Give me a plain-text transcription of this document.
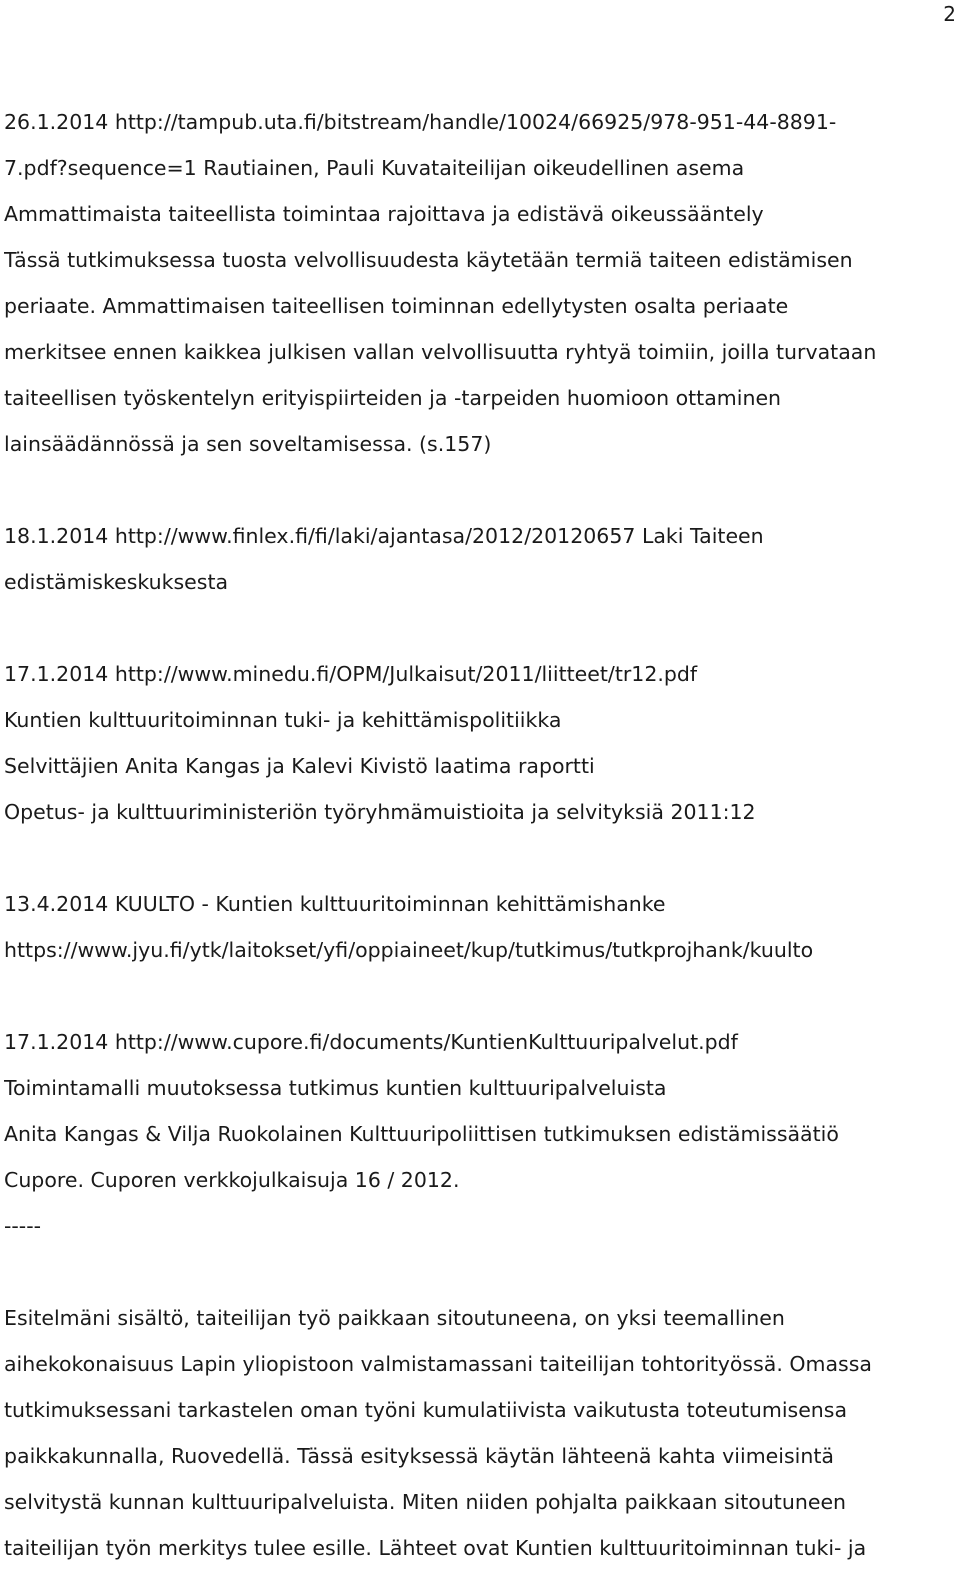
2
26.1.2014 http://tampub.uta.fi/bitstream/handle/10024/66925/978-951-44-8891-
7.pdf?sequence=1 Rautiainen, Pauli Kuvataiteilijan oikeudellinen asema
Ammattimaista taiteellista toimintaa rajoittava ja edistävä oikeussääntely
Tässä tutkimuksessa tuosta velvollisuudesta käytetään termiä taiteen edistämisen
periaate. Ammattimaisen taiteellisen toiminnan edellytysten osalta periaate
merkitsee ennen kaikkea julkisen vallan velvollisuutta ryhtyä toimiin, joilla turvataan
taiteellisen työskentelyn erityispiirteiden ja -tarpeiden huomioon ottaminen
lainsäädännössä ja sen soveltamisessa. (s.157)
18.1.2014 http://www.finlex.fi/fi/laki/ajantasa/2012/20120657 Laki Taiteen
edistämiskeskuksesta
17.1.2014 http://www.minedu.fi/OPM/Julkaisut/2011/liitteet/tr12.pdf
Kuntien kulttuuritoiminnan tuki- ja kehittämispolitiikka
Selvittäjien Anita Kangas ja Kalevi Kivistö laatima raportti
Opetus- ja kulttuuriministeriön työryhmämuistioita ja selvityksiä 2011:12
13.4.2014 KUULTO - Kuntien kulttuuritoiminnan kehittämishanke
https://www.jyu.fi/ytk/laitokset/yfi/oppiaineet/kup/tutkimus/tutkprojhank/kuulto
17.1.2014 http://www.cupore.fi/documents/KuntienKulttuuripalvelut.pdf
Toimintamalli muutoksessa tutkimus kuntien kulttuuripalveluista
Anita Kangas & Vilja Ruokolainen Kulttuuripoliittisen tutkimuksen edistämissäätiö
Cupore. Cuporen verkkojulkaisuja 16 / 2012.
-----
Esitelmäni sisältö, taiteilijan työ paikkaan sitoutuneena, on yksi teemallinen
aihekokonaisuus Lapin yliopistoon valmistamassani taiteilijan tohtorityössä. Omassa
tutkimuksessani tarkastelen oman työni kumulatiivista vaikutusta toteutumisensa
paikkakunnalla, Ruovedellä. Tässä esityksessä käytän lähteenä kahta viimeisintä
selvitystä kunnan kulttuuripalveluista. Miten niiden pohjalta paikkaan sitoutuneen
taiteilijan työn merkitys tulee esille. Lähteet ovat Kuntien kulttuuritoiminnan tuki- ja
